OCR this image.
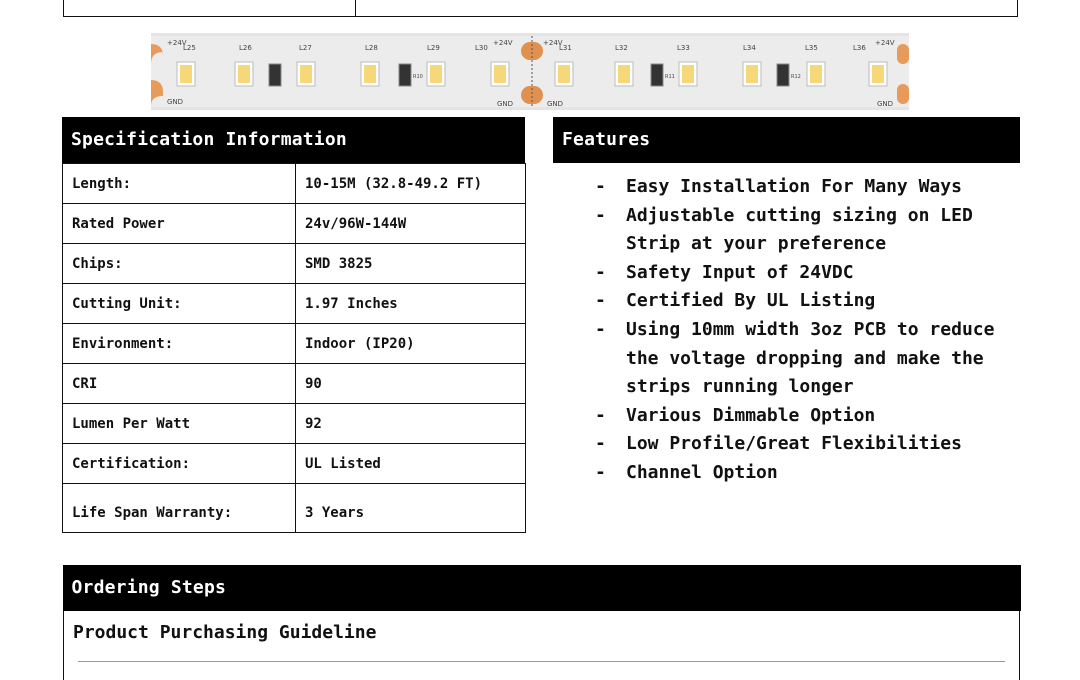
L25	L26	L27	L28	L29	L30	L31	L32	L33	L34	L35	L36
+24V	+24V	+24V	+24V
GND	GND	GND	GND
R10	R11	R12
Specification Information
Length:	10-15M (32.8-49.2 FT)
Rated Power	24v/96W-144W
Chips:	SMD 3825
Cutting Unit:	1.97 Inches
Environment:	Indoor (IP20)
CRI	90
Lumen Per Watt	92
Certification:	UL Listed
Life Span Warranty:	3 Years
Features
- Easy Installation For Many Ways
- Adjustable cutting sizing on LED Strip at your preference
- Safety Input of 24VDC
- Certified By UL Listing
- Using 10mm width 3oz PCB to reduce the voltage dropping and make the strips running longer
- Various Dimmable Option
- Low Profile/Great Flexibilities
- Channel Option
Ordering Steps
Product Purchasing Guideline
